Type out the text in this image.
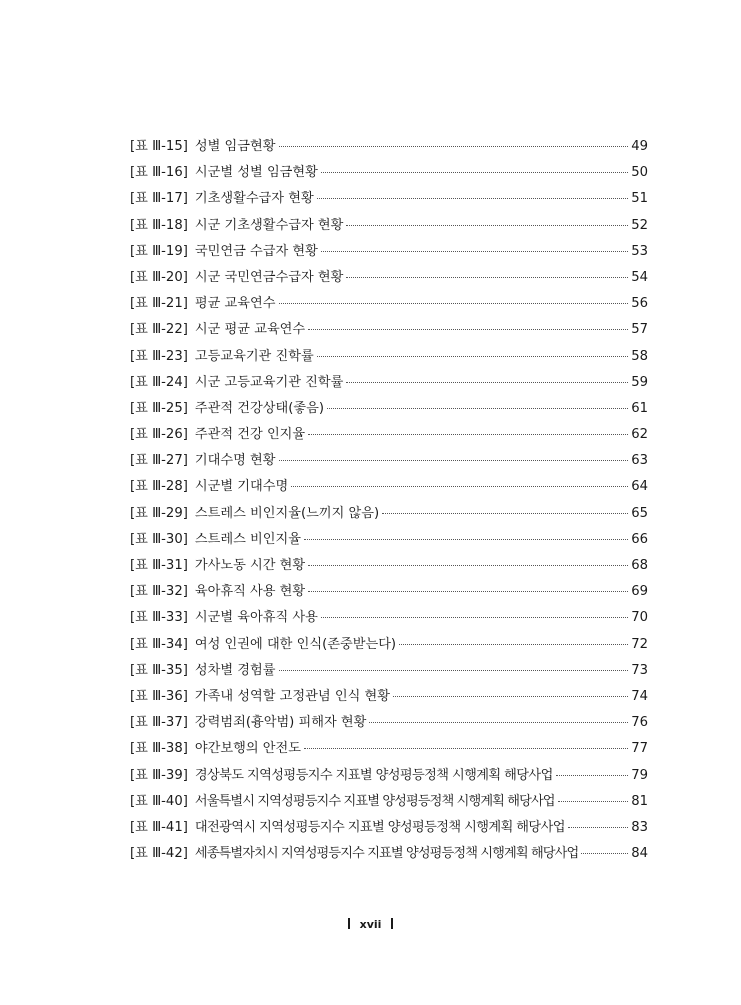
[표 Ⅲ-15] 성별 임금현황	49
[표 Ⅲ-16] 시군별 성별 임금현황	50
[표 Ⅲ-17] 기초생활수급자 현황	51
[표 Ⅲ-18] 시군 기초생활수급자 현황	52
[표 Ⅲ-19] 국민연금 수급자 현황	53
[표 Ⅲ-20] 시군 국민연금수급자 현황	54
[표 Ⅲ-21] 평균 교육연수	56
[표 Ⅲ-22] 시군 평균 교육연수	57
[표 Ⅲ-23] 고등교육기관 진학률	58
[표 Ⅲ-24] 시군 고등교육기관 진학률	59
[표 Ⅲ-25] 주관적 건강상태(좋음)	61
[표 Ⅲ-26] 주관적 건강 인지율	62
[표 Ⅲ-27] 기대수명 현황	63
[표 Ⅲ-28] 시군별 기대수명	64
[표 Ⅲ-29] 스트레스 비인지율(느끼지 않음)	65
[표 Ⅲ-30] 스트레스 비인지율	66
[표 Ⅲ-31] 가사노동 시간 현황	68
[표 Ⅲ-32] 육아휴직 사용 현황	69
[표 Ⅲ-33] 시군별 육아휴직 사용	70
[표 Ⅲ-34] 여성 인권에 대한 인식(존중받는다)	72
[표 Ⅲ-35] 성차별 경험률	73
[표 Ⅲ-36] 가족내 성역할 고정관념 인식 현황	74
[표 Ⅲ-37] 강력범죄(흉악범) 피해자 현황	76
[표 Ⅲ-38] 야간보행의 안전도	77
[표 Ⅲ-39] 경상북도 지역성평등지수 지표별 양성평등정책 시행계획 해당사업	79
[표 Ⅲ-40] 서울특별시 지역성평등지수 지표별 양성평등정책 시행계획 해당사업	81
[표 Ⅲ-41] 대전광역시 지역성평등지수 지표별 양성평등정책 시행계획 해당사업	83
[표 Ⅲ-42] 세종특별자치시 지역성평등지수 지표별 양성평등정책 시행계획 해당사업	84
xvii
